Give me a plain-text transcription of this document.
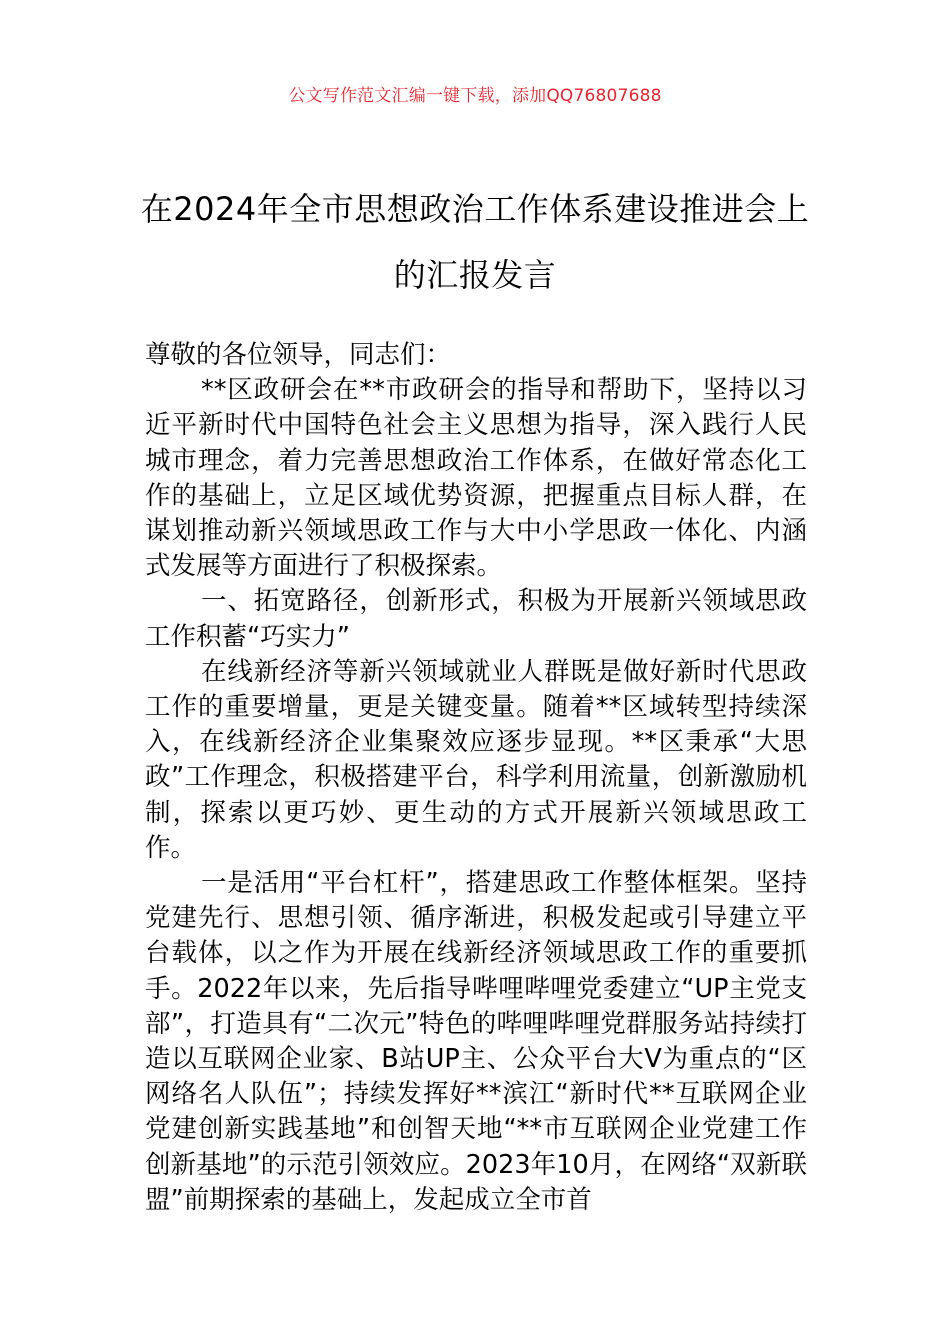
公文写作范文汇编一键下载，添加QQ76807688
在2024年全市思想政治工作体系建设推进会上的汇报发言

尊敬的各位领导，同志们：

**区政研会在**市政研会的指导和帮助下，坚持以习近平新时代中国特色社会主义思想为指导，深入践行人民城市理念，着力完善思想政治工作体系，在做好常态化工作的基础上，立足区域优势资源，把握重点目标人群，在谋划推动新兴领域思政工作与大中小学思政一体化、内涵式发展等方面进行了积极探索。

一、拓宽路径，创新形式，积极为开展新兴领域思政工作积蓄“巧实力”

在线新经济等新兴领域就业人群既是做好新时代思政工作的重要增量，更是关键变量。随着**区域转型持续深入，在线新经济企业集聚效应逐步显现。**区秉承“大思政”工作理念，积极搭建平台，科学利用流量，创新激励机制，探索以更巧妙、更生动的方式开展新兴领域思政工作。

一是活用“平台杠杆”，搭建思政工作整体框架。坚持党建先行、思想引领、循序渐进，积极发起或引导建立平台载体，以之作为开展在线新经济领域思政工作的重要抓手。2022年以来，先后指导哔哩哔哩党委建立“UP主党支部”，打造具有“二次元”特色的哔哩哔哩党群服务站持续打造以互联网企业家、B站UP主、公众平台大V为重点的“区网络名人队伍”；持续发挥好**滨江“新时代**互联网企业党建创新实践基地”和创智天地“**市互联网企业党建工作创新基地”的示范引领效应。2023年10月，在网络“双新联盟”前期探索的基础上，发起成立全市首
